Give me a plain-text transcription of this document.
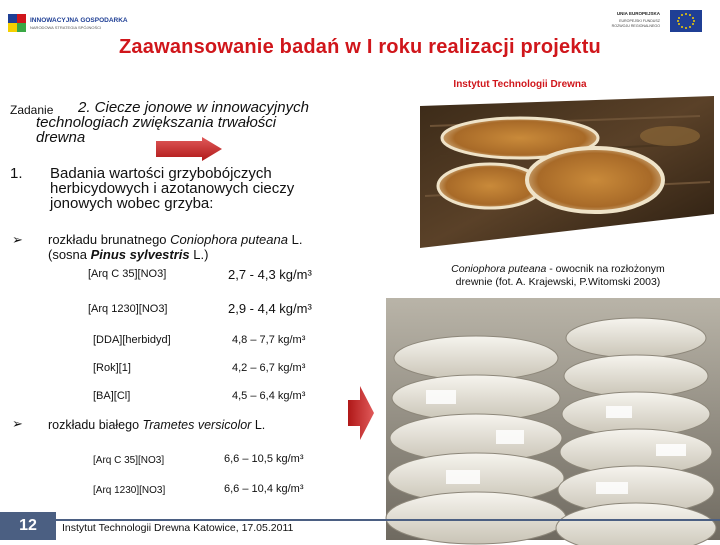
INNOWACYJNA GOSPODARKA
NARODOWA STRATEGIA SPÓJNOŚCI
UNIA EUROPEJSKA
EUROPEJSKI FUNDUSZ
ROZWOJU REGIONALNEGO
Zaawansowanie badań w I roku realizacji projektu
Instytut Technologii Drewna
Zadanie	2. Ciecze jonowe w innowacyjnych
technologiach zwiększania trwałości
drewna
1. Badania wartości grzybobójczych
herbicydowych i azotanowych cieczy
jonowych wobec grzyba:
➢ rozkładu brunatnego Coniophora puteana L.
(sosna Pinus sylvestris L.)
[Arq C 35][NO3]	2,7 - 4,3 kg/m³
[Arq 1230][NO3]	2,9 - 4,4 kg/m³
[DDA][herbidyd]	4,8 – 7,7 kg/m³
[Rok][1]	4,2 – 6,7 kg/m³
[BA][Cl]	4,5 – 6,4 kg/m³
➢ rozkładu białego Trametes versicolor L.
[Arq C 35][NO3]	6,6 – 10,5 kg/m³
[Arq 1230][NO3]	6,6 – 10,4 kg/m³
Coniophora puteana - owocnik na rozłożonym
drewnie (fot. A. Krajewski, P.Witomski 2003)
12	Instytut Technologii Drewna Katowice, 17.05.2011
